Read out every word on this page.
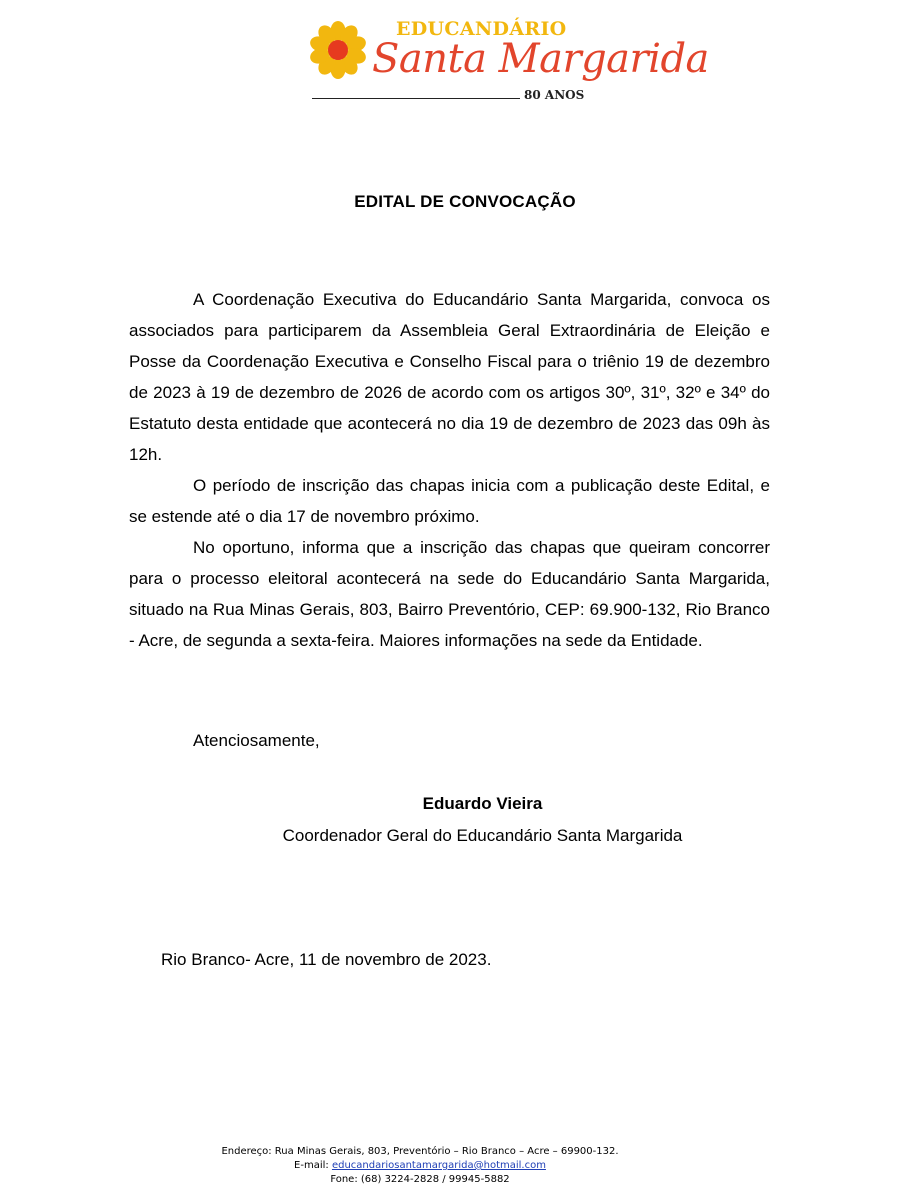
EDUCANDÁRIO
Santa Margarida
80 ANOS
EDITAL DE CONVOCAÇÃO

A Coordenação Executiva do Educandário Santa Margarida, convoca os associados para participarem da Assembleia Geral Extraordinária de Eleição e Posse da Coordenação Executiva e Conselho Fiscal para o triênio 19 de dezembro de 2023 à 19 de dezembro de 2026 de acordo com os artigos 30º, 31º, 32º e 34º do Estatuto desta entidade que acontecerá no dia 19 de dezembro de 2023 das 09h às 12h.

O período de inscrição das chapas inicia com a publicação deste Edital, e se estende até o dia 17 de novembro próximo.

No oportuno, informa que a inscrição das chapas que queiram concorrer para o processo eleitoral acontecerá na sede do Educandário Santa Margarida, situado na Rua Minas Gerais, 803, Bairro Preventório, CEP: 69.900-132, Rio Branco - Acre, de segunda a sexta-feira. Maiores informações na sede da Entidade.

Atenciosamente,
Eduardo Vieira
Coordenador Geral do Educandário Santa Margarida
Rio Branco- Acre, 11 de novembro de 2023.
Endereço: Rua Minas Gerais, 803, Preventório – Rio Branco – Acre – 69900-132.
E-mail: educandariosantamargarida@hotmail.com
Fone: (68) 3224-2828 / 99945-5882
